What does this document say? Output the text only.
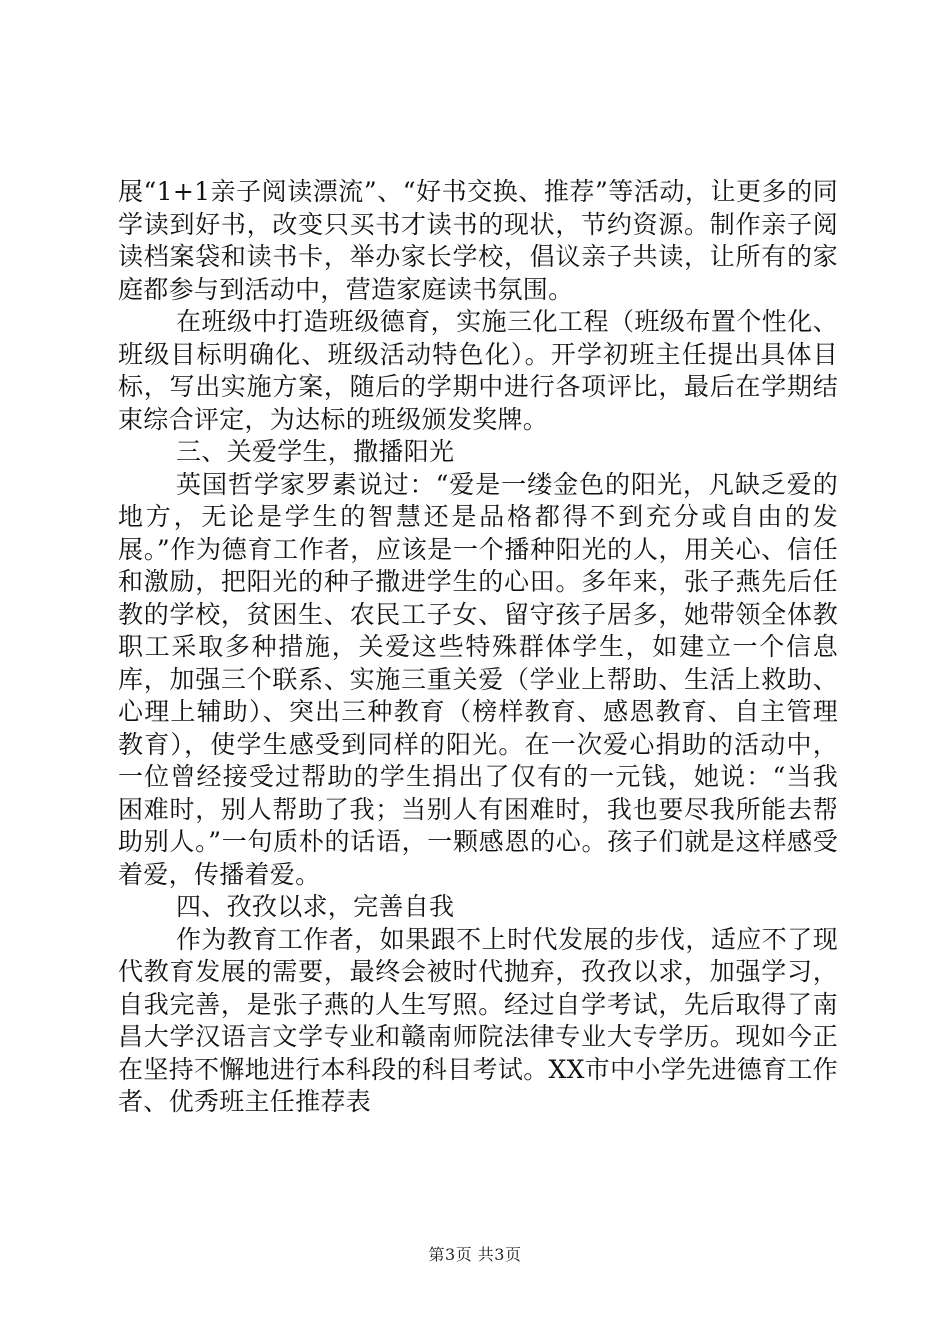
展“1+1亲子阅读漂流”、“好书交换、推荐”等活动，让更多的同学读到好书，改变只买书才读书的现状，节约资源。制作亲子阅读档案袋和读书卡，举办家长学校，倡议亲子共读，让所有的家庭都参与到活动中，营造家庭读书氛围。

在班级中打造班级德育，实施三化工程（班级布置个性化、班级目标明确化、班级活动特色化）。开学初班主任提出具体目标，写出实施方案，随后的学期中进行各项评比，最后在学期结束综合评定，为达标的班级颁发奖牌。

三、关爱学生，撒播阳光

英国哲学家罗素说过：“爱是一缕金色的阳光，凡缺乏爱的地方，无论是学生的智慧还是品格都得不到充分或自由的发展。”作为德育工作者，应该是一个播种阳光的人，用关心、信任和激励，把阳光的种子撒进学生的心田。多年来，张子燕先后任教的学校，贫困生、农民工子女、留守孩子居多，她带领全体教职工采取多种措施，关爱这些特殊群体学生，如建立一个信息库，加强三个联系、实施三重关爱（学业上帮助、生活上救助、心理上辅助）、突出三种教育（榜样教育、感恩教育、自主管理教育），使学生感受到同样的阳光。在一次爱心捐助的活动中，一位曾经接受过帮助的学生捐出了仅有的一元钱，她说：“当我困难时，别人帮助了我；当别人有困难时，我也要尽我所能去帮助别人。”一句质朴的话语，一颗感恩的心。孩子们就是这样感受着爱，传播着爱。

四、孜孜以求，完善自我

作为教育工作者，如果跟不上时代发展的步伐，适应不了现代教育发展的需要，最终会被时代抛弃，孜孜以求，加强学习，自我完善，是张子燕的人生写照。经过自学考试，先后取得了南昌大学汉语言文学专业和赣南师院法律专业大专学历。现如今正在坚持不懈地进行本科段的科目考试。XX市中小学先进德育工作者、优秀班主任推荐表

第3页 共3页
